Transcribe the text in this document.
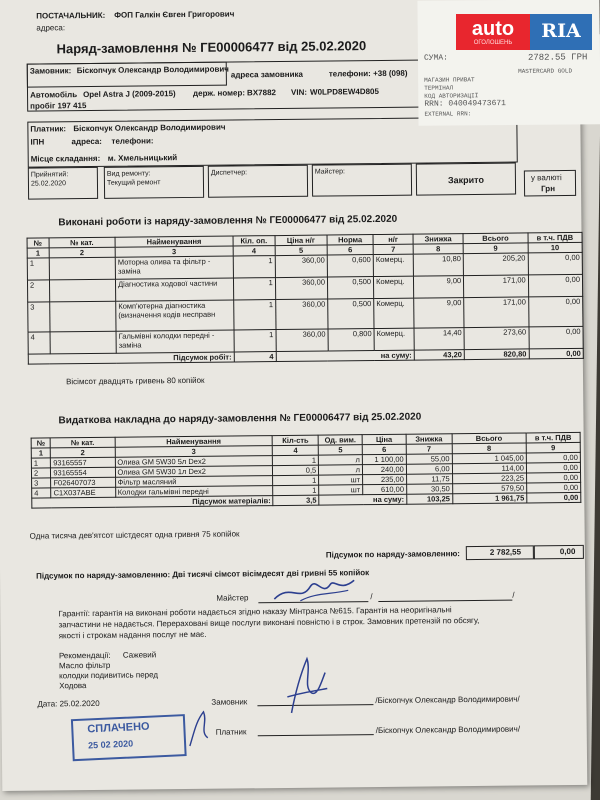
ПОСТАЧАЛЬНИК: ФОП Галкін Євген Григорович
адреса:
Наряд-замовлення № ГЕ00006477 від 25.02.2020
Замовник: Біскопчук Олександр Володимирович адреса замовника	телефони: +38 (098)
Автомобіль Opel Astra J (2009-2015) держ. номер: BX7882 VIN: W0LPD8EW4D805
пробіг 197 415
Платник: Біскопчук Олександр Володимирович
ІПН	адреса: телефони:
Місце складання: м. Хмельницький
Прийнятий:
25.02.2020
Вид ремонту:
Текущий ремонт
Диспетчер:	Майстер:
Закрито	у валюті
Грн
Виконані роботи із наряду-замовлення № ГЕ00006477 від 25.02.2020
№	№ кат.	Найменування	Кіл. оп.	Ціна н/г	Норма	н/г	Знижка	Всього	в т.ч. ПДВ
1	2	3	4	5	6	7	8	9	10
1		Моторна олива та фільтр - заміна	1	360,00	0,600	Комерц.	10,80	205,20	0,00
2		Діагностика ходової частини	1	360,00	0,500	Комерц.	9,00	171,00	0,00
3		Комп'ютерна діагностика (визначення кодів несправн	1	360,00	0,500	Комерц.	9,00	171,00	0,00
4		Гальмівні колодки передні - заміна	1	360,00	0,800	Комерц.	14,40	273,60	0,00
Підсумок робіт:			4	на суму:			43,20	820,80	0,00
Вісімсот двадцять гривень 80 копійок
Видаткова накладна до наряду-замовлення № ГЕ00006477 від 25.02.2020
№	№ кат.	Найменування	Кіл-сть	Од. вим.	Ціна	Знижка	Всього	в т.ч. ПДВ
1	2	3	4	5	6	7	8	9
1	93165557	Олива GM 5W30 5л Dex2	1	л	1 100,00	55,00	1 045,00	0,00
2	93165554	Олива GM 5W30 1л Dex2	0,5	л	240,00	6,00	114,00	0,00
3	F026407073	Фільтр масляний	1	шт	235,00	11,75	223,25	0,00
4	C1X037ABE	Колодки гальмівні передні	1	шт	610,00	30,50	579,50	0,00
Підсумок матеріалів:			3,5	на суму:		103,25	1 961,75	0,00
Одна тисяча дев'ятсот шістдесят одна гривня 75 копійок
Підсумок по наряду-замовленню:	2 782,55	0,00
Підсумок по наряду-замовленню: Дві тисячі сімсот вісімдесят дві гривні 55 копійок
Майстер	/	/
Гарантії: гарантія на виконані роботи надається згідно наказу Мінтранса №615. Гарантія на неоригінальні
запчастини не надається. Перераховані вище послуги виконані повністю і в строк. Замовник претензій по обсягу,
якості і строкам надання послуг не має.
Рекомендації: Сажевий
Масло фільтр
колодки подивитись перед
Ходова
Дата: 25.02.2020	Замовник	/Біскопчук Олександр Володимирович/
СПЛАЧЕНО
25 02 2020
Платник	/Біскопчук Олександр Володимирович/
СУМА:	2782.55 ГРН
MASTERCARD GOLD
МАГАЗИН ПРИВАТ
ТЕРМІНАЛ
КОД АВТОРИЗАЦІЇ
RRN: 040049473671
EXTERNAL RRN:
auto
ОГОЛОШЕНЬ
RIA
